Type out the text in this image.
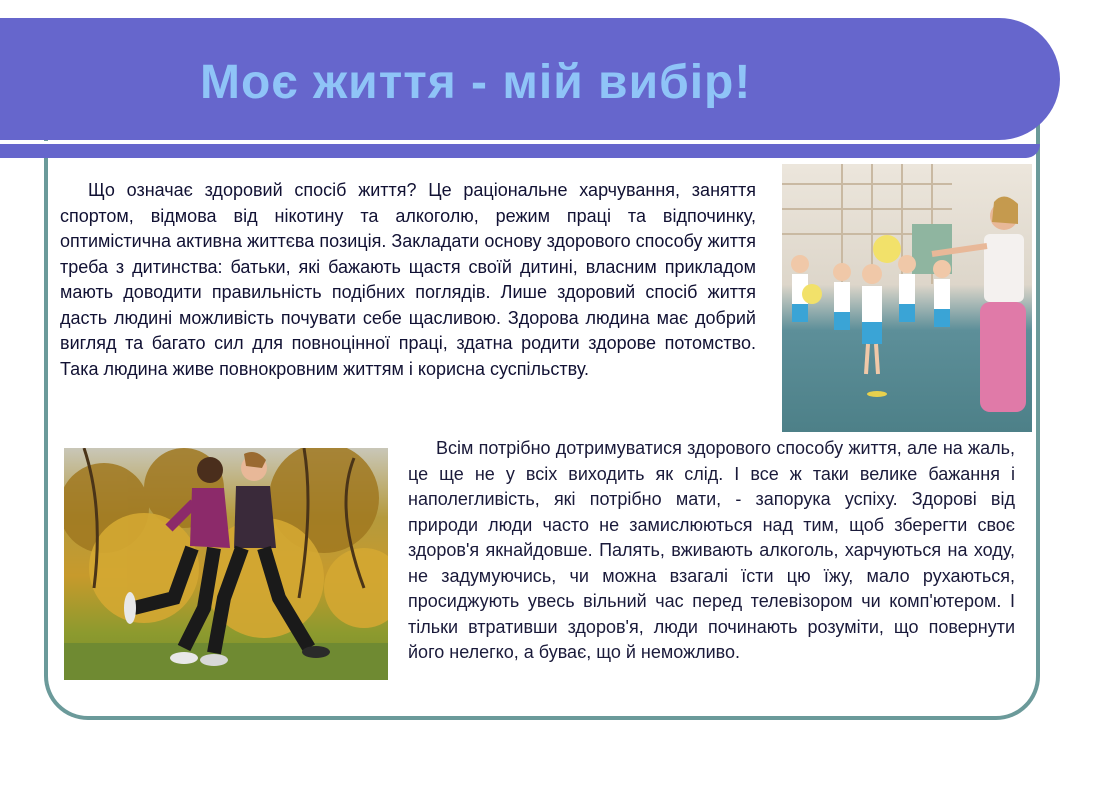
Моє життя - мій вибір!

Що означає здоровий спосіб життя? Це раціональне харчування, заняття спортом, відмова від нікотину та алкоголю, режим праці та відпочинку, оптимістична активна життєва позиція. Закладати основу здорового способу життя треба з дитинства: батьки, які бажають щастя своїй дитині, власним прикладом мають доводити правильність подібних поглядів. Лише здоровий спосіб життя дасть людині можливість почувати себе щасливою. Здорова людина має добрий вигляд та багато сил для повноцінної праці, здатна родити здорове потомство. Така людина живе повнокровним життям і корисна суспільству.

Всім потрібно дотримуватися здорового способу життя, але на жаль, це ще не у всіх виходить як слід. І все ж таки велике бажання і наполегливість, які потрібно мати, - запорука успіху. Здорові від природи люди часто не замислюються над тим, щоб зберегти своє здоров'я якнайдовше. Палять, вживають алкоголь, харчуються на ходу, не задумуючись, чи можна взагалі їсти цю їжу, мало рухаються, просиджують увесь вільний час перед телевізором чи комп'ютером. І тільки втративши здоров'я, люди починають розуміти, що повернути його нелегко, а буває, що й неможливо.
